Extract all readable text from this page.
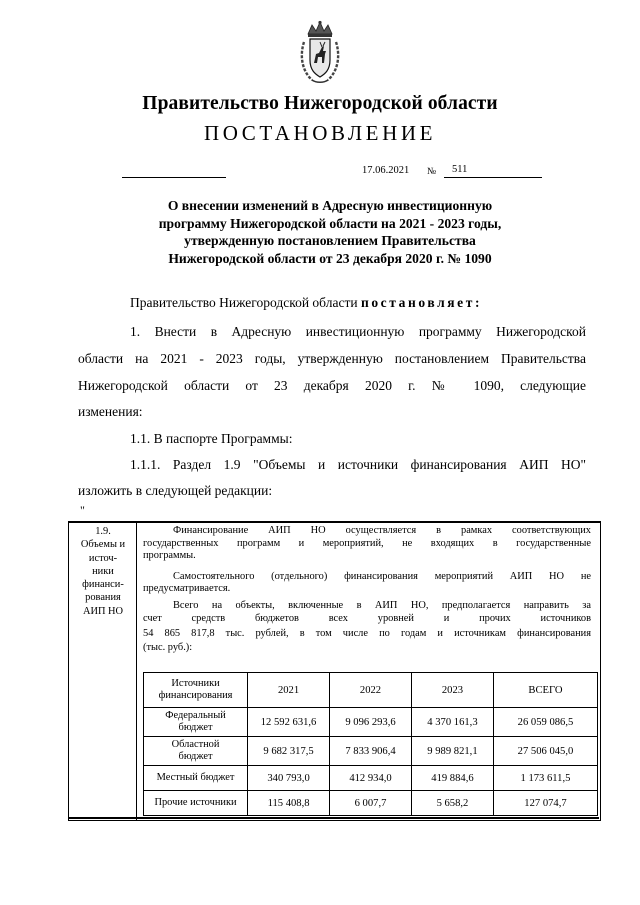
Правительство Нижегородской области
ПОСТАНОВЛЕНИЕ
17.06.2021 № 511
О внесении изменений в Адресную инвестиционную
программу Нижегородской области на 2021 - 2023 годы,
утвержденную постановлением Правительства
Нижегородской области от 23 декабря 2020 г. № 1090
Правительство Нижегородской области постановляет:
1. Внести в Адресную инвестиционную программу Нижегородской
области на 2021 - 2023 годы, утвержденную постановлением Правительства
Нижегородской области от 23 декабря 2020 г. № 1090, следующие
изменения:
1.1. В паспорте Программы:
1.1.1. Раздел 1.9 "Объемы и источники финансирования АИП НО"
изложить в следующей редакции:
"
1.9.
Объемы и
источ-
ники
финанси-
рования
АИП НО
Финансирование АИП НО осуществляется в рамках соответствующих
государственных программ и мероприятий, не входящих в государственные
программы.
Самостоятельного (отдельного) финансирования мероприятий АИП НО не
предусматривается.
Всего на объекты, включенные в АИП НО, предполагается направить за
счет средств бюджетов всех уровней и прочих источников
54 865 817,8 тыс. рублей, в том числе по годам и источникам финансирования
(тыс. руб.):
Источники
финансирования	2021	2022	2023	ВСЕГО

Федеральный
бюджет	12 592 631,6	9 096 293,6	4 370 161,3	26 059 086,5

Областной
бюджет	9 682 317,5	7 833 906,4	9 989 821,1	27 506 045,0
Местный бюджет	340 793,0	412 934,0	419 884,6	1 173 611,5
Прочие источники	115 408,8	6 007,7	5 658,2	127 074,7
